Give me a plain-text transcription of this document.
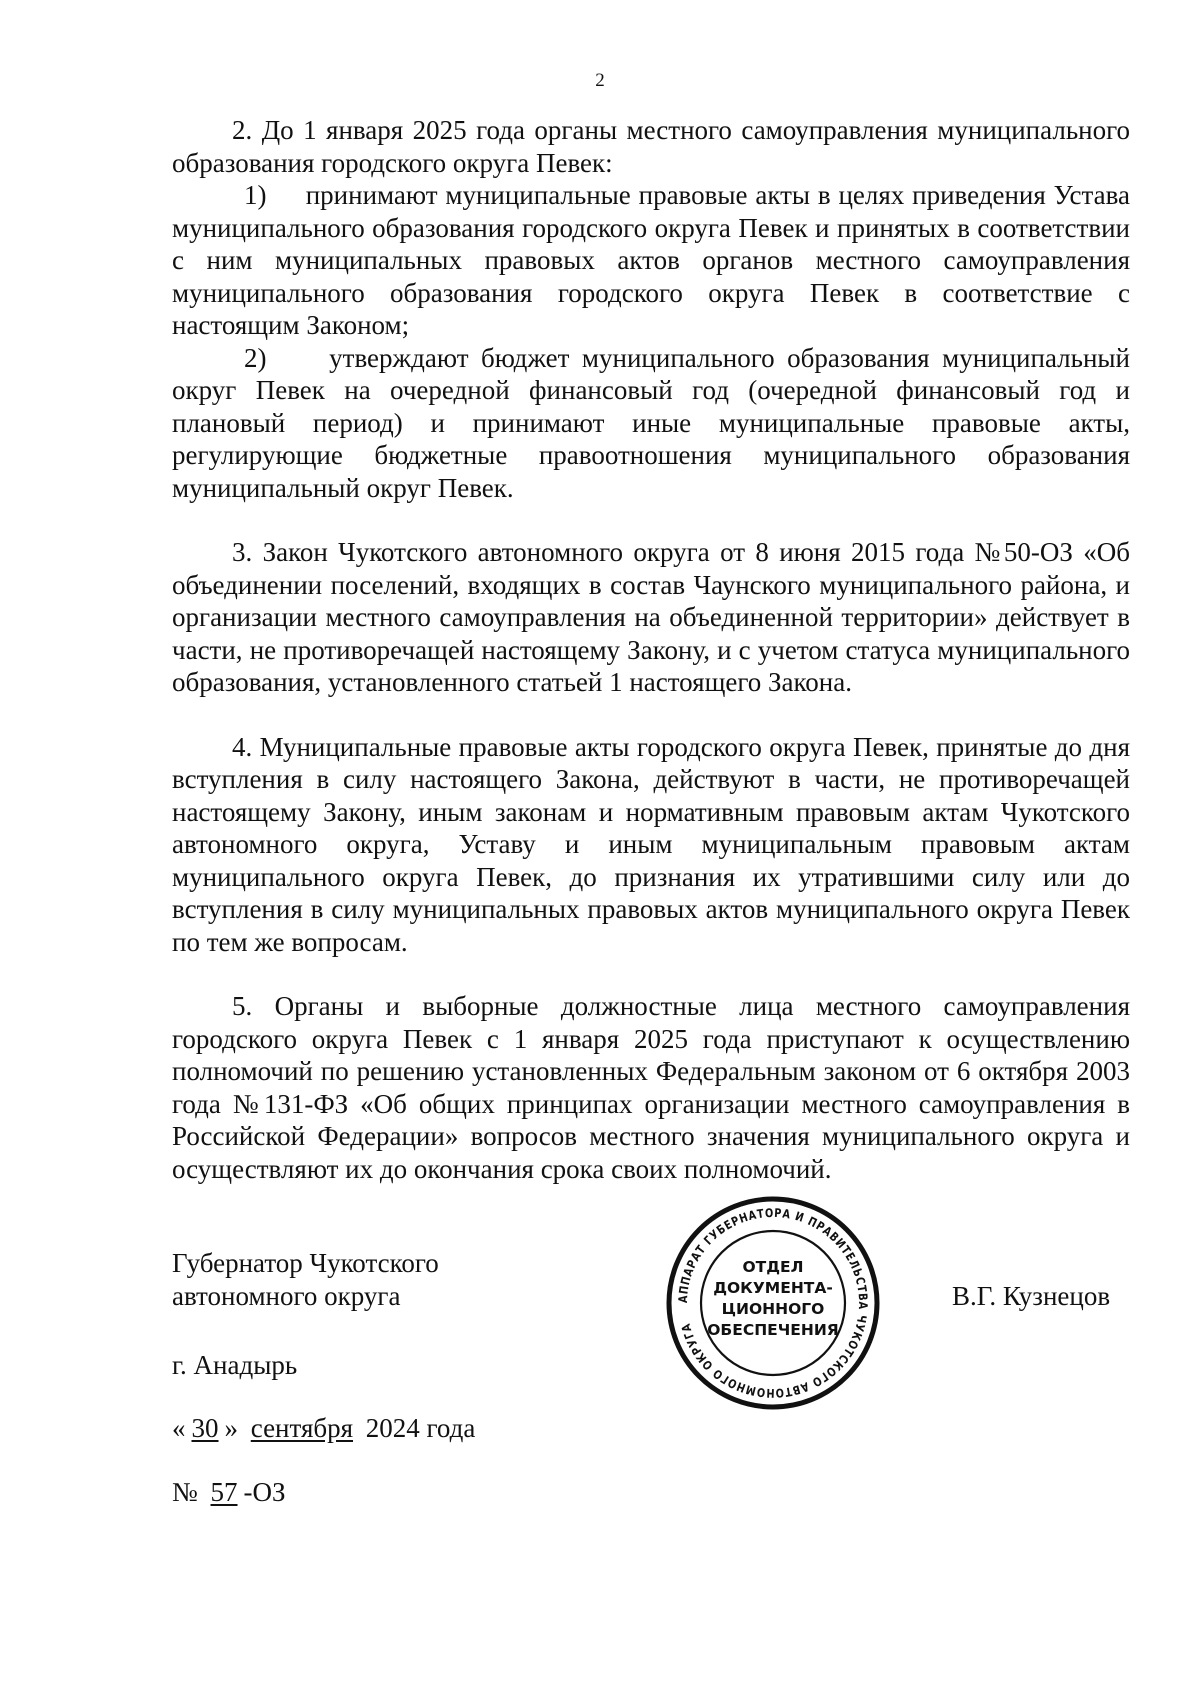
2

2. До 1 января 2025 года органы местного самоуправления муниципального образования городского округа Певек:

1)     принимают муниципальные правовые акты в целях приведения Устава муниципального образования городского округа Певек и принятых в соответствии с ним муниципальных правовых актов органов местного самоуправления муниципального образования городского округа Певек в соответствие с настоящим Законом;

2)     утверждают бюджет муниципального образования муниципальный округ Певек на очередной финансовый год (очередной финансовый год и плановый период) и принимают иные муниципальные правовые акты, регулирующие бюджетные правоотношения муниципального образования муниципальный округ Певек.

3. Закон Чукотского автономного округа от 8 июня 2015 года №50-ОЗ «Об объединении поселений, входящих в состав Чаунского муниципального района, и организации местного самоуправления на объединенной территории» действует в части, не противоречащей настоящему Закону, и с учетом статуса муниципального образования, установленного статьей 1 настоящего Закона.

4. Муниципальные правовые акты городского округа Певек, принятые до дня вступления в силу настоящего Закона, действуют в части, не противоречащей настоящему Закону, иным законам и нормативным правовым актам Чукотского автономного округа, Уставу и иным муниципальным правовым актам муниципального округа Певек, до признания их утратившими силу или до вступления в силу муниципальных правовых актов муниципального округа Певек по тем же вопросам.

5. Органы и выборные должностные лица местного самоуправления городского округа Певек с 1 января 2025 года приступают к осуществлению полномочий по решению установленных Федеральным законом от 6 октября 2003 года №131-ФЗ «Об общих принципах организации местного самоуправления в Российской Федерации» вопросов местного значения муниципального округа и осуществляют их до окончания срока своих полномочий.

Губернатор Чукотского
автономного округа	В.Г. Кузнецов
г. Анадырь
« 30 » сентября 2024 года
№ 57 -ОЗ
АППАРАТ ГУБЕРНАТОРА И ПРАВИТЕЛЬСТВА ЧУКОТСКОГО АВТОНОМНОГО ОКРУГА
ОТДЕЛ
ДОКУМЕНТА-
ЦИОННОГО
ОБЕСПЕЧЕНИЯ
